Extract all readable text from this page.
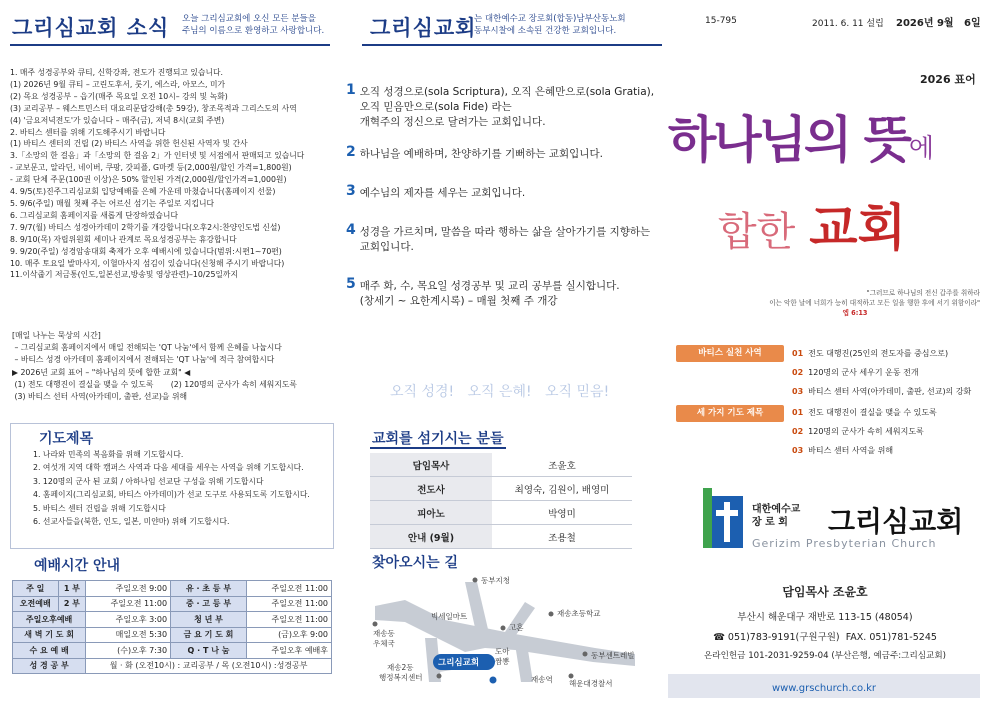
그리심교회 소식 오늘 그리심교회에 오신 모든 분들을
주님의 이름으로 환영하고 사랑합니다.
1. 매주 성경공부와 큐티, 신학강좌, 전도가 진행되고 있습니다.
(1) 2026년 9월 큐티 – 고린도후서, 룻기, 에스라, 아모스, 미가
(2) 목요 성경공부 – 읍기(매주 목요일 오전 10시– 강의 및 녹화)
(3) 교리공부 – 웨스트민스터 대요리문답강해(총 59강), 창조목적과 그리스도의 사역
(4) '금요저녁전도'가 있습니다 – 매주(금), 저녁 8시(교회 주변)
2. 바티스 센터를 위해 기도해주시기 바랍니다
(1) 바티스 센터의 건립 (2) 바티스 사역을 위한 헌신된 사역자 및 간사
3.「소망의 한 걸음」과「소망의 한 걸음 2」가 인터넷 및 서점에서 판매되고 있습니다
- 교보문고, 알라딘, 네이버, 쿠팡, 갓피플, G마켓 등(2,000원/할인 가격=1,800원)
- 교회 단체 주문(100권 이상)은 50% 할인된 가격(2,000원/할인가격=1,000원)
4. 9/5(토)진주그리심교회 입당예배를 은혜 가운데 마쳤습니다(홈페이지 선물)
5. 9/6(주일) 매월 첫째 주는 어르신 섬기는 주일로 지킵니다
6. 그리심교회 홈페이지를 새롭게 단장하였습니다
7. 9/7(월) 바티스 성경아카데미 2학기를 개강합니다(오후2시:찬양인도법 신설)
8. 9/10(목) 자립위원회 세미나 관계로 목요성경공부는 휴강합니다
9. 9/20(주일) 성경암송대회 축제가 오후 예배시에 있습니다(범위:시편1~70편)
10. 매주 토요일 발마사지, 이혈마사지 섬김이 있습니다(신청해 주시기 바랍니다)
11.이삭줍기 저금통(인도,일본선교,방송및 영상관련)–10/25일까지
[매일 나누는 묵상의 시간]
– 그리심교회 홈페이지에서 매일 전해되는 'QT 나눔'에서 함께 은혜를 나눕시다
– 바티스 성경 아카데미 홈페이지에서 전해되는 'QT 나눔'에 적극 참여합시다
▶ 2026년 교회 표어 – "하나님의 뜻에 합한 교회" ◀
(1) 전도 대행진이 결실을 맺을 수 있도록       (2) 120명의 군사가 속히 세워지도록
(3) 바티스 선터 사역(아카데미, 출판, 선교)을 위해
기도제목
1. 나라와 민족의 복음화를 위해 기도합시다.
2. 여섯개 지역 대학 캠퍼스 사역과 다음 세대를 세우는 사역을 위해 기도합시다.
3. 120명의 군사 된 교회 / 아하나임 선교단 구성을 위해 기도합시다
4. 홈페이지(그리심교회, 바티스 아카데미)가 선교 도구로 사용되도록 기도합시다.
5. 바티스 센터 건립을 위해 기도합시다
6. 선교사들을(북한, 인도, 일본, 미얀마) 위해 기도합시다.
예배시간 안내
주 일	1 부	주일오전 9:00	유 · 초 등 부	주일오전 11:00
오전예배	2 부	주일오전 11:00	중 · 고 등 부	주일오전 11:00
주일오후예배		주일오후 3:00	청 년 부	주일오전 11:00
새 벽 기 도 회		매일오전 5:30	금 요 기 도 회	(금)오후 9:00
수 요 예 배		(수)오후 7:30	Q · T 나 눔	주일오후 예배후
성 경 공 부		월 · 화 (오전10시) : 교리공부 / 목 (오전10시) :성경공부		
그리심교회
는 대한예수교 장로회(합동)남부산동노회
동부시찰에 소속된 건강한 교회입니다.
1 오직 성경으로(sola Scriptura), 오직 은혜만으로(sola Gratia),
오직 믿음만으로(sola Fide) 라는
개혁주의 정신으로 달려가는 교회입니다.
2 하나님을 예배하며, 찬양하기를 기뻐하는 교회입니다.
3 예수님의 제자를 세우는 교회입니다.
4 성경을 가르치며, 말씀을 따라 행하는 삶을 살아가기를 지향하는
교회입니다.
5 매주 화, 수, 목요일 성경공부 및 교리 공부를 실시합니다.
(창세기 ~ 요한계시록) – 매월 첫째 주 개강
오직 성경!   오직 은혜!   오직 믿음!
교회를 섬기시는 분들
담임목사	조윤호
전도사	최영숙, 김원이, 배영미
피아노	박영미
안내 (9월)	조용철
찾아오시는 길
동부지청
빅세일마트	재송초등학교
재송동
우체국
고혼
도아
짬뽕
동부센트레빌
재송2동
행정복지센터	재송역 해운대경찰서
그리심교회
15-795	2011. 6. 11 설립 2026년 9월   6일
2026 표어
하나님의 뜻에
합한 교회
"그러므로 하나님의 전신 갑주를 취하라
이는 악한 날에 너희가 능히 대적하고 모든 일을 행한 후에 서기 위함이라"
엡 6:13
바티스 실천 사역	01 전도 대행진(25인의 전도자를 중심으로)
02 120명의 군사 세우기 운동 전개
03 바티스 센터 사역(아카데미, 출판, 선교)의 강화
세 가지 기도 제목	01 전도 대행진이 결실을 맺을 수 있도록
02 120명의 군사가 속히 세워지도록
03 바티스 센터 사역을 위해
대한예수교
장 로 회	그리심교회
Gerizim Presbyterian Church
담임목사 조윤호
부산시 해운대구 재반로 113-15 (48054)
☎ 051)783-9191(구원구원) FAX. 051)781-5245
온라인헌금 101-2031-9259-04 (부산은행, 예금주:그리심교회)
www.grschurch.co.kr
